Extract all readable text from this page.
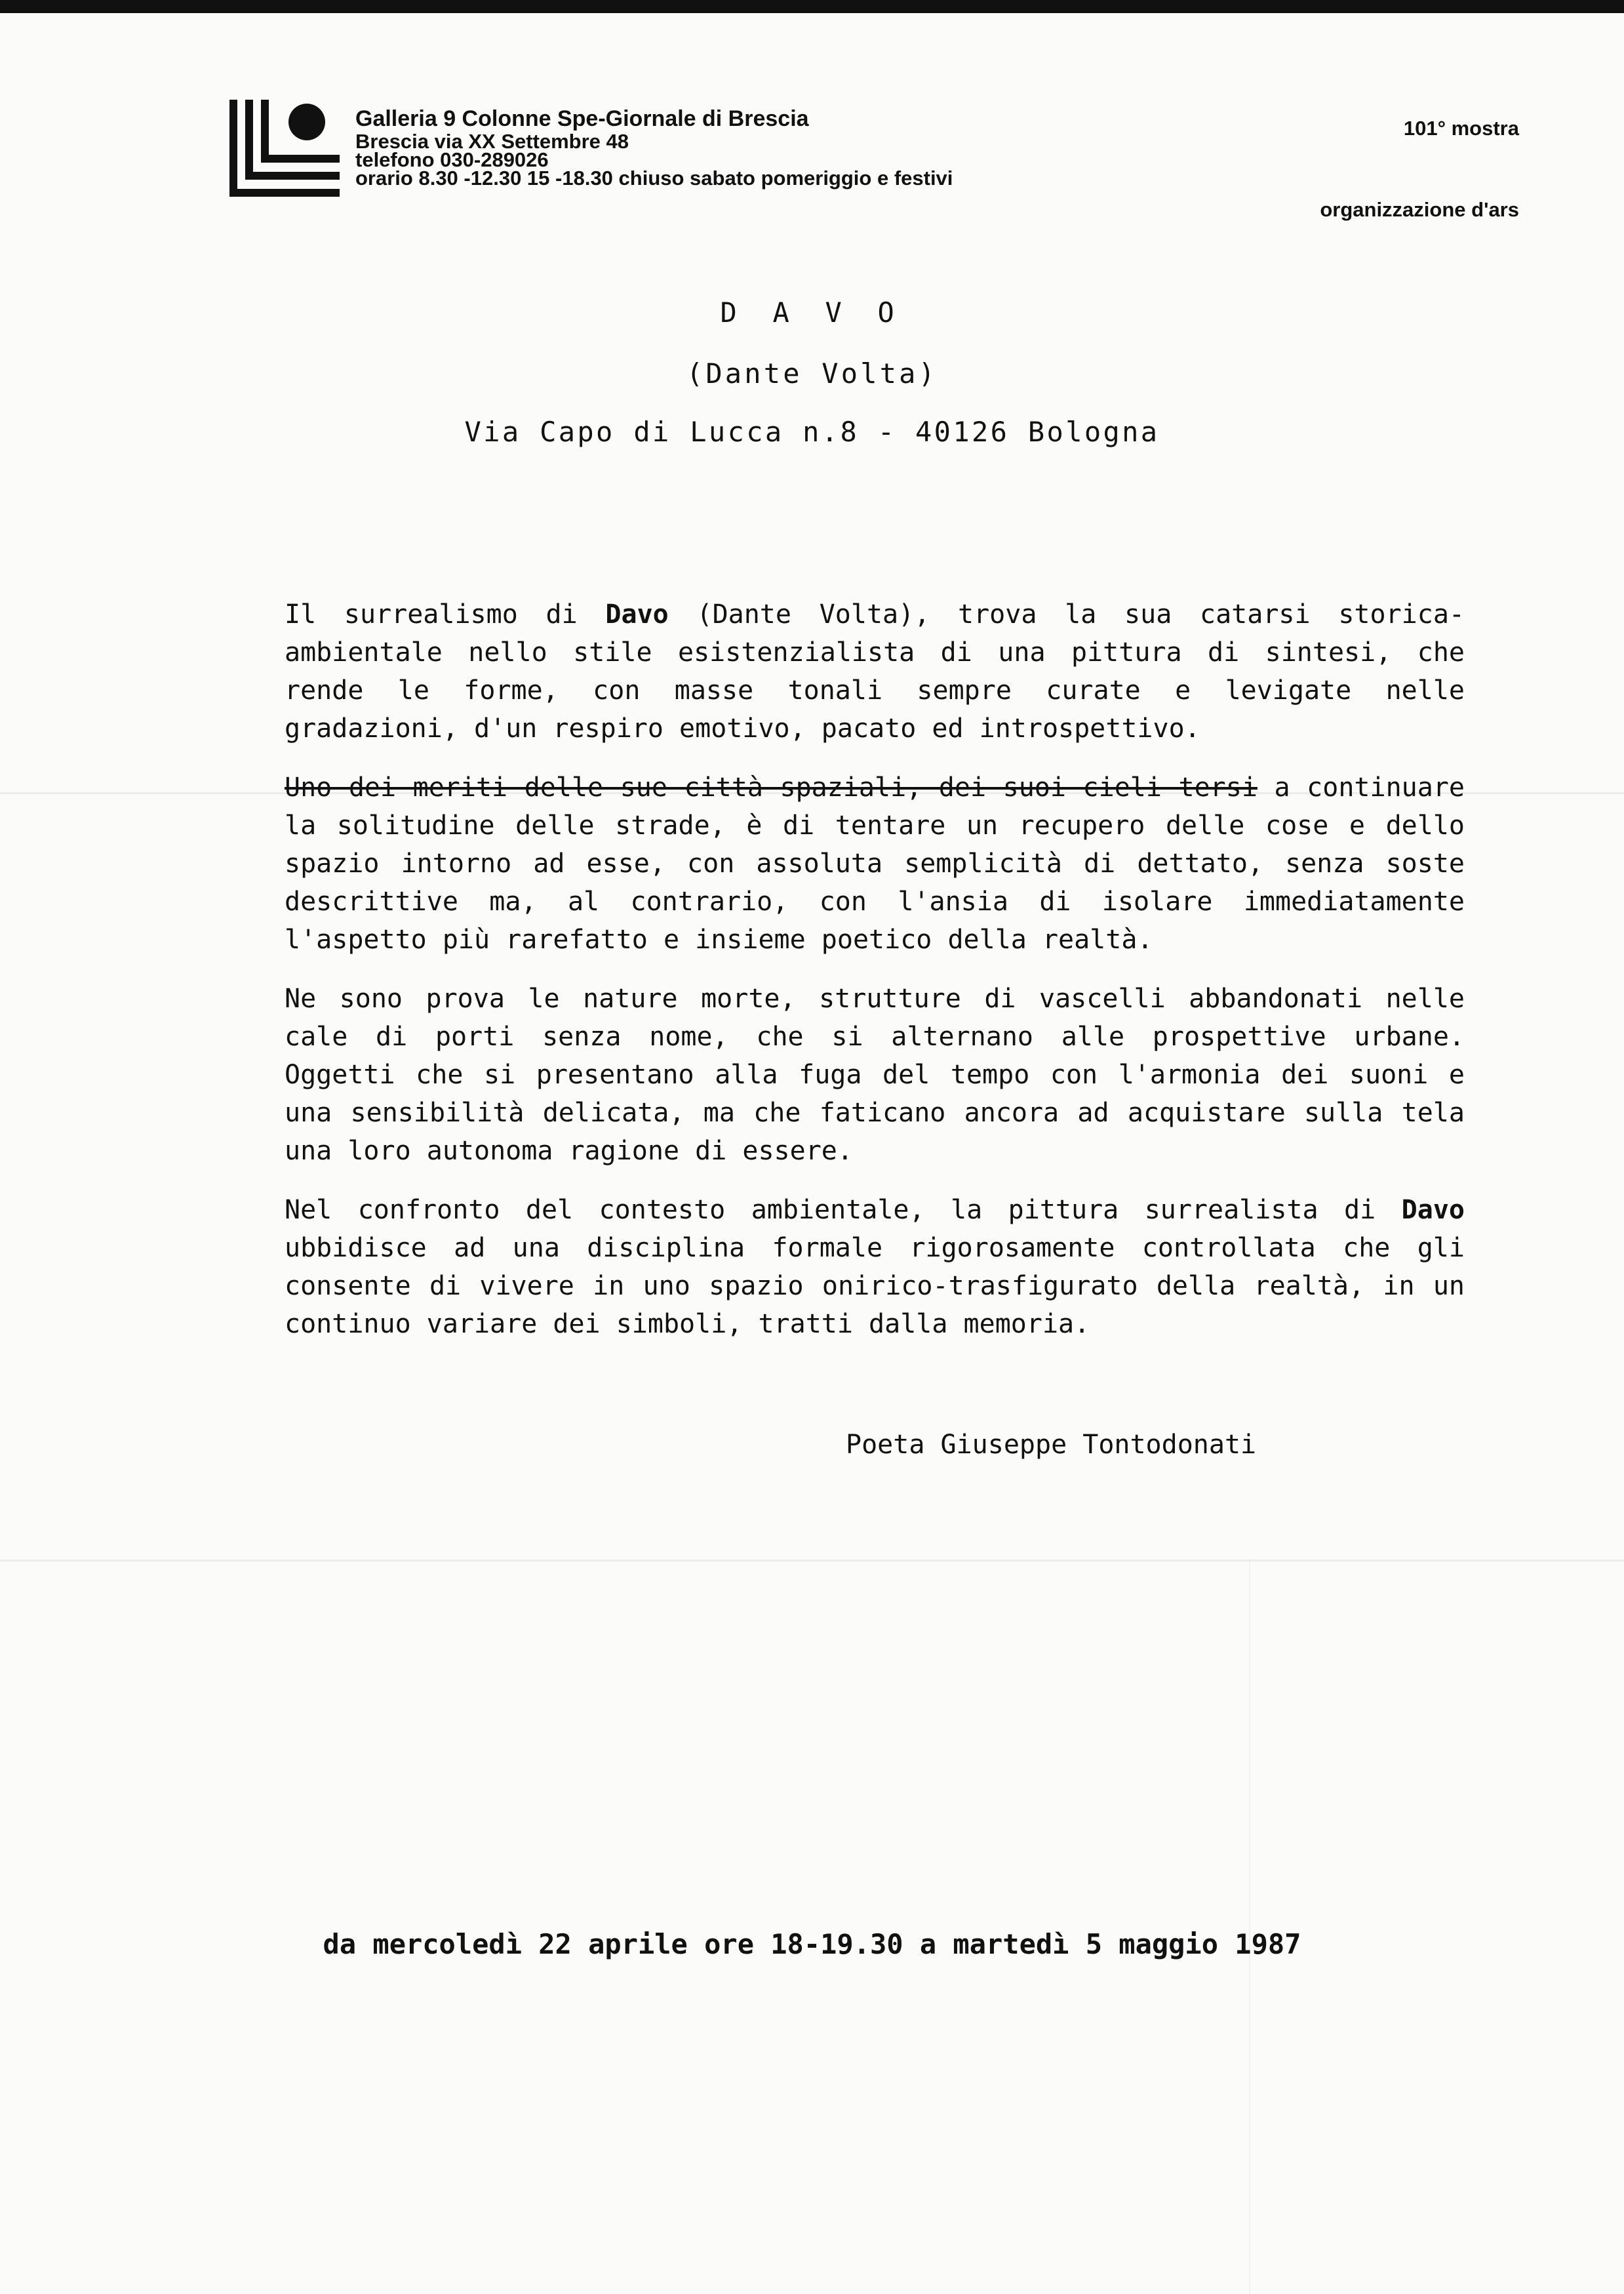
Galleria 9 Colonne Spe-Giornale di Brescia
Brescia via XX Settembre 48
telefono 030-289026
orario 8.30 -12.30 15 -18.30 chiuso sabato pomeriggio e festivi
101° mostra
organizzazione d'ars
D A V O
(Dante Volta)
Via Capo di Lucca n.8 - 40126 Bologna

Il surrealismo di Davo (Dante Volta), trova la sua catarsi storica-ambientale nello stile esistenzialista di una pittura di sintesi, che rende le forme, con masse tonali sempre curate e levigate nelle gradazioni, d'un respiro emotivo, pacato ed introspettivo.

Uno dei meriti delle sue città spaziali, dei suoi cieli tersi a continuare la solitudine delle strade, è di tentare un recupero delle cose e dello spazio intorno ad esse, con assoluta semplicità di dettato, senza soste descrittive ma, al contrario, con l'ansia di isolare immediatamente l'aspetto più rarefatto e insieme poetico della realtà.

Ne sono prova le nature morte, strutture di vascelli abbandonati nelle cale di porti senza nome, che si alternano alle prospettive urbane. Oggetti che si presentano alla fuga del tempo con l'armonia dei suoni e una sensibilità delicata, ma che faticano ancora ad acquistare sulla tela una loro autonoma ragione di essere.

Nel confronto del contesto ambientale, la pittura surrealista di Davo ubbidisce ad una disciplina formale rigorosamente controllata che gli consente di vivere in uno spazio onirico-trasfigurato della realtà, in un continuo variare dei simboli, tratti dalla memoria.

Poeta Giuseppe Tontodonati
da mercoledì 22 aprile ore 18-19.30 a martedì 5 maggio 1987
